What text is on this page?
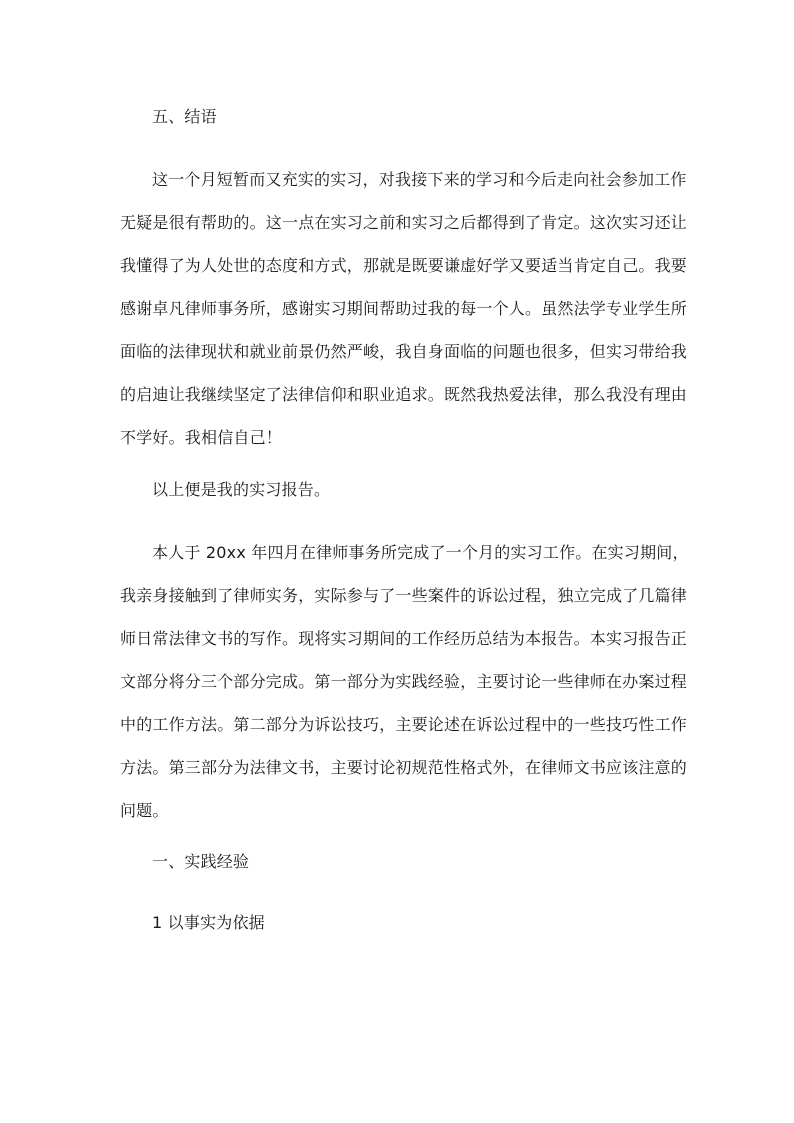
五、结语
这一个月短暂而又充实的实习，对我接下来的学习和今后走向社会参加工作
无疑是很有帮助的。这一点在实习之前和实习之后都得到了肯定。这次实习还让
我懂得了为人处世的态度和方式，那就是既要谦虚好学又要适当肯定自己。我要
感谢卓凡律师事务所，感谢实习期间帮助过我的每一个人。虽然法学专业学生所
面临的法律现状和就业前景仍然严峻，我自身面临的问题也很多，但实习带给我
的启迪让我继续坚定了法律信仰和职业追求。既然我热爱法律，那么我没有理由
不学好。我相信自己！
以上便是我的实习报告。
本人于 20xx 年四月在律师事务所完成了一个月的实习工作。在实习期间，
我亲身接触到了律师实务，实际参与了一些案件的诉讼过程，独立完成了几篇律
师日常法律文书的写作。现将实习期间的工作经历总结为本报告。本实习报告正
文部分将分三个部分完成。第一部分为实践经验，主要讨论一些律师在办案过程
中的工作方法。第二部分为诉讼技巧，主要论述在诉讼过程中的一些技巧性工作
方法。第三部分为法律文书，主要讨论初规范性格式外，在律师文书应该注意的
问题。
一、实践经验
1 以事实为依据
